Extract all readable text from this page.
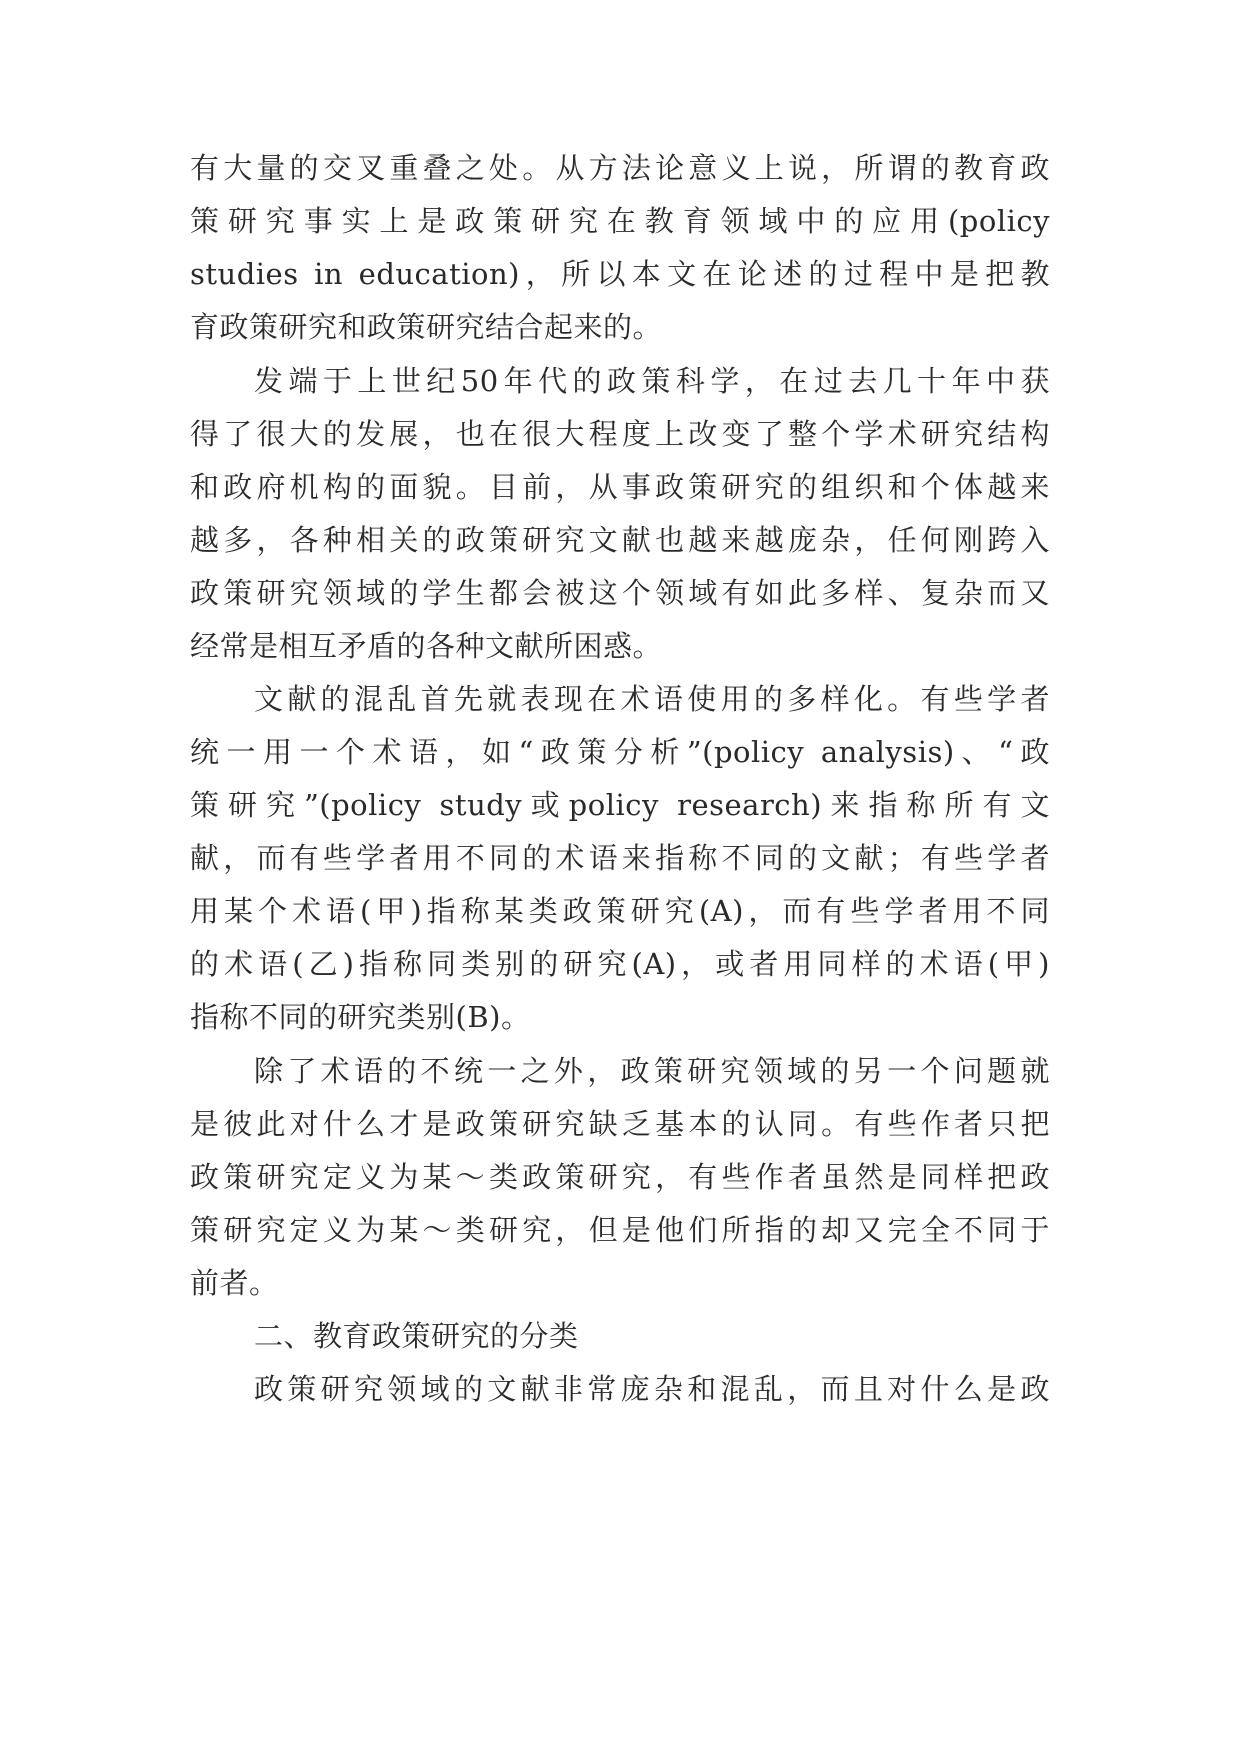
有大量的交叉重叠之处。从方法论意义上说，所谓的教育政

策研究事实上是政策研究在教育领域中的应用(policy

studies in education)，所以本文在论述的过程中是把教

育政策研究和政策研究结合起来的。

发端于上世纪50年代的政策科学，在过去几十年中获

得了很大的发展，也在很大程度上改变了整个学术研究结构

和政府机构的面貌。目前，从事政策研究的组织和个体越来

越多，各种相关的政策研究文献也越来越庞杂，任何刚跨入

政策研究领域的学生都会被这个领域有如此多样、复杂而又

经常是相互矛盾的各种文献所困惑。

文献的混乱首先就表现在术语使用的多样化。有些学者

统一用一个术语，如“政策分析”(policy analysis)、“政

策研究”(policy study或policy research)来指称所有文

献，而有些学者用不同的术语来指称不同的文献；有些学者

用某个术语(甲)指称某类政策研究(A)，而有些学者用不同

的术语(乙)指称同类别的研究(A)，或者用同样的术语(甲)

指称不同的研究类别(B)。

除了术语的不统一之外，政策研究领域的另一个问题就

是彼此对什么才是政策研究缺乏基本的认同。有些作者只把

政策研究定义为某～类政策研究，有些作者虽然是同样把政

策研究定义为某～类研究，但是他们所指的却又完全不同于

前者。

二、教育政策研究的分类

政策研究领域的文献非常庞杂和混乱，而且对什么是政
